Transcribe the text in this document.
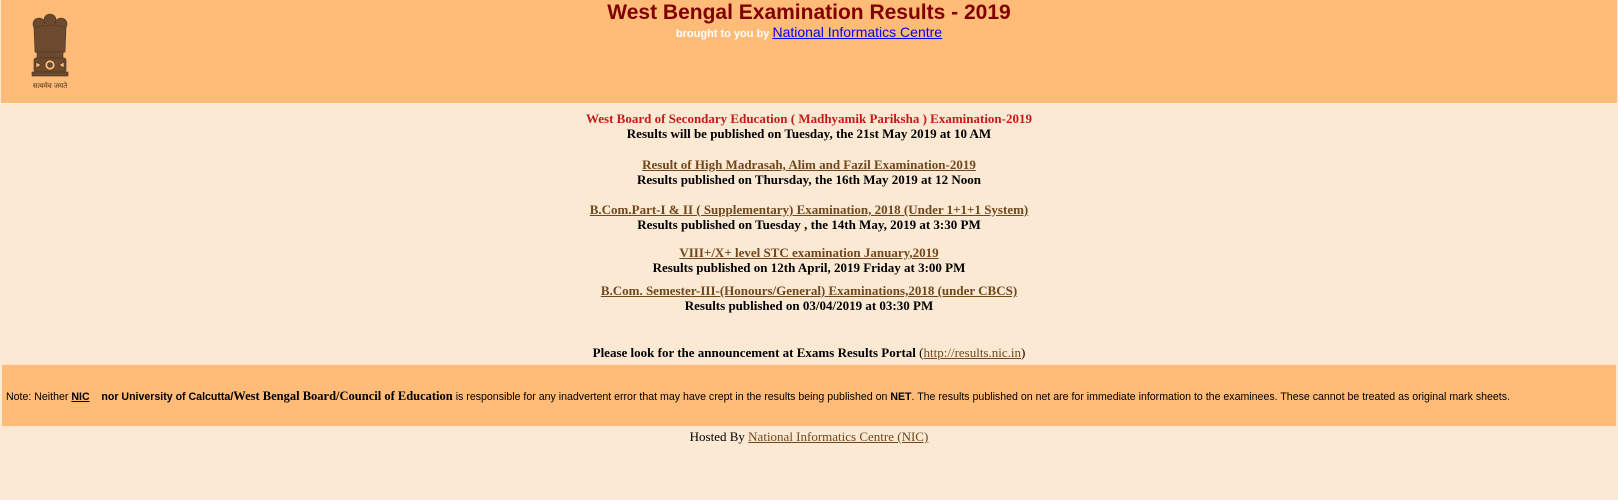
सत्यमेव जयते
West Bengal Examination Results - 2019
brought to you by National Informatics Centre
West Board of Secondary Education ( Madhyamik Pariksha ) Examination-2019
Results will be published on Tuesday, the 21st May 2019 at 10 AM
Result of High Madrasah, Alim and Fazil Examination-2019
Results published on Thursday, the 16th May 2019 at 12 Noon
B.Com.Part-I & II ( Supplementary) Examination, 2018 (Under 1+1+1 System)
Results published on Tuesday , the 14th May, 2019 at 3:30 PM
VIII+/X+ level STC examination January,2019
Results published on 12th April, 2019 Friday at 3:00 PM
B.Com. Semester-III-(Honours/General) Examinations,2018 (under CBCS)
Results published on 03/04/2019 at 03:30 PM
Please look for the announcement at Exams Results Portal (http://results.nic.in)
Note: Neither NIC nor University of Calcutta/West Bengal Board/Council of Education is responsible for any inadvertent error that may have crept in the results being published on NET. The results published on net are for immediate information to the examinees. These cannot be treated as original mark sheets.
Hosted By National Informatics Centre (NIC)
